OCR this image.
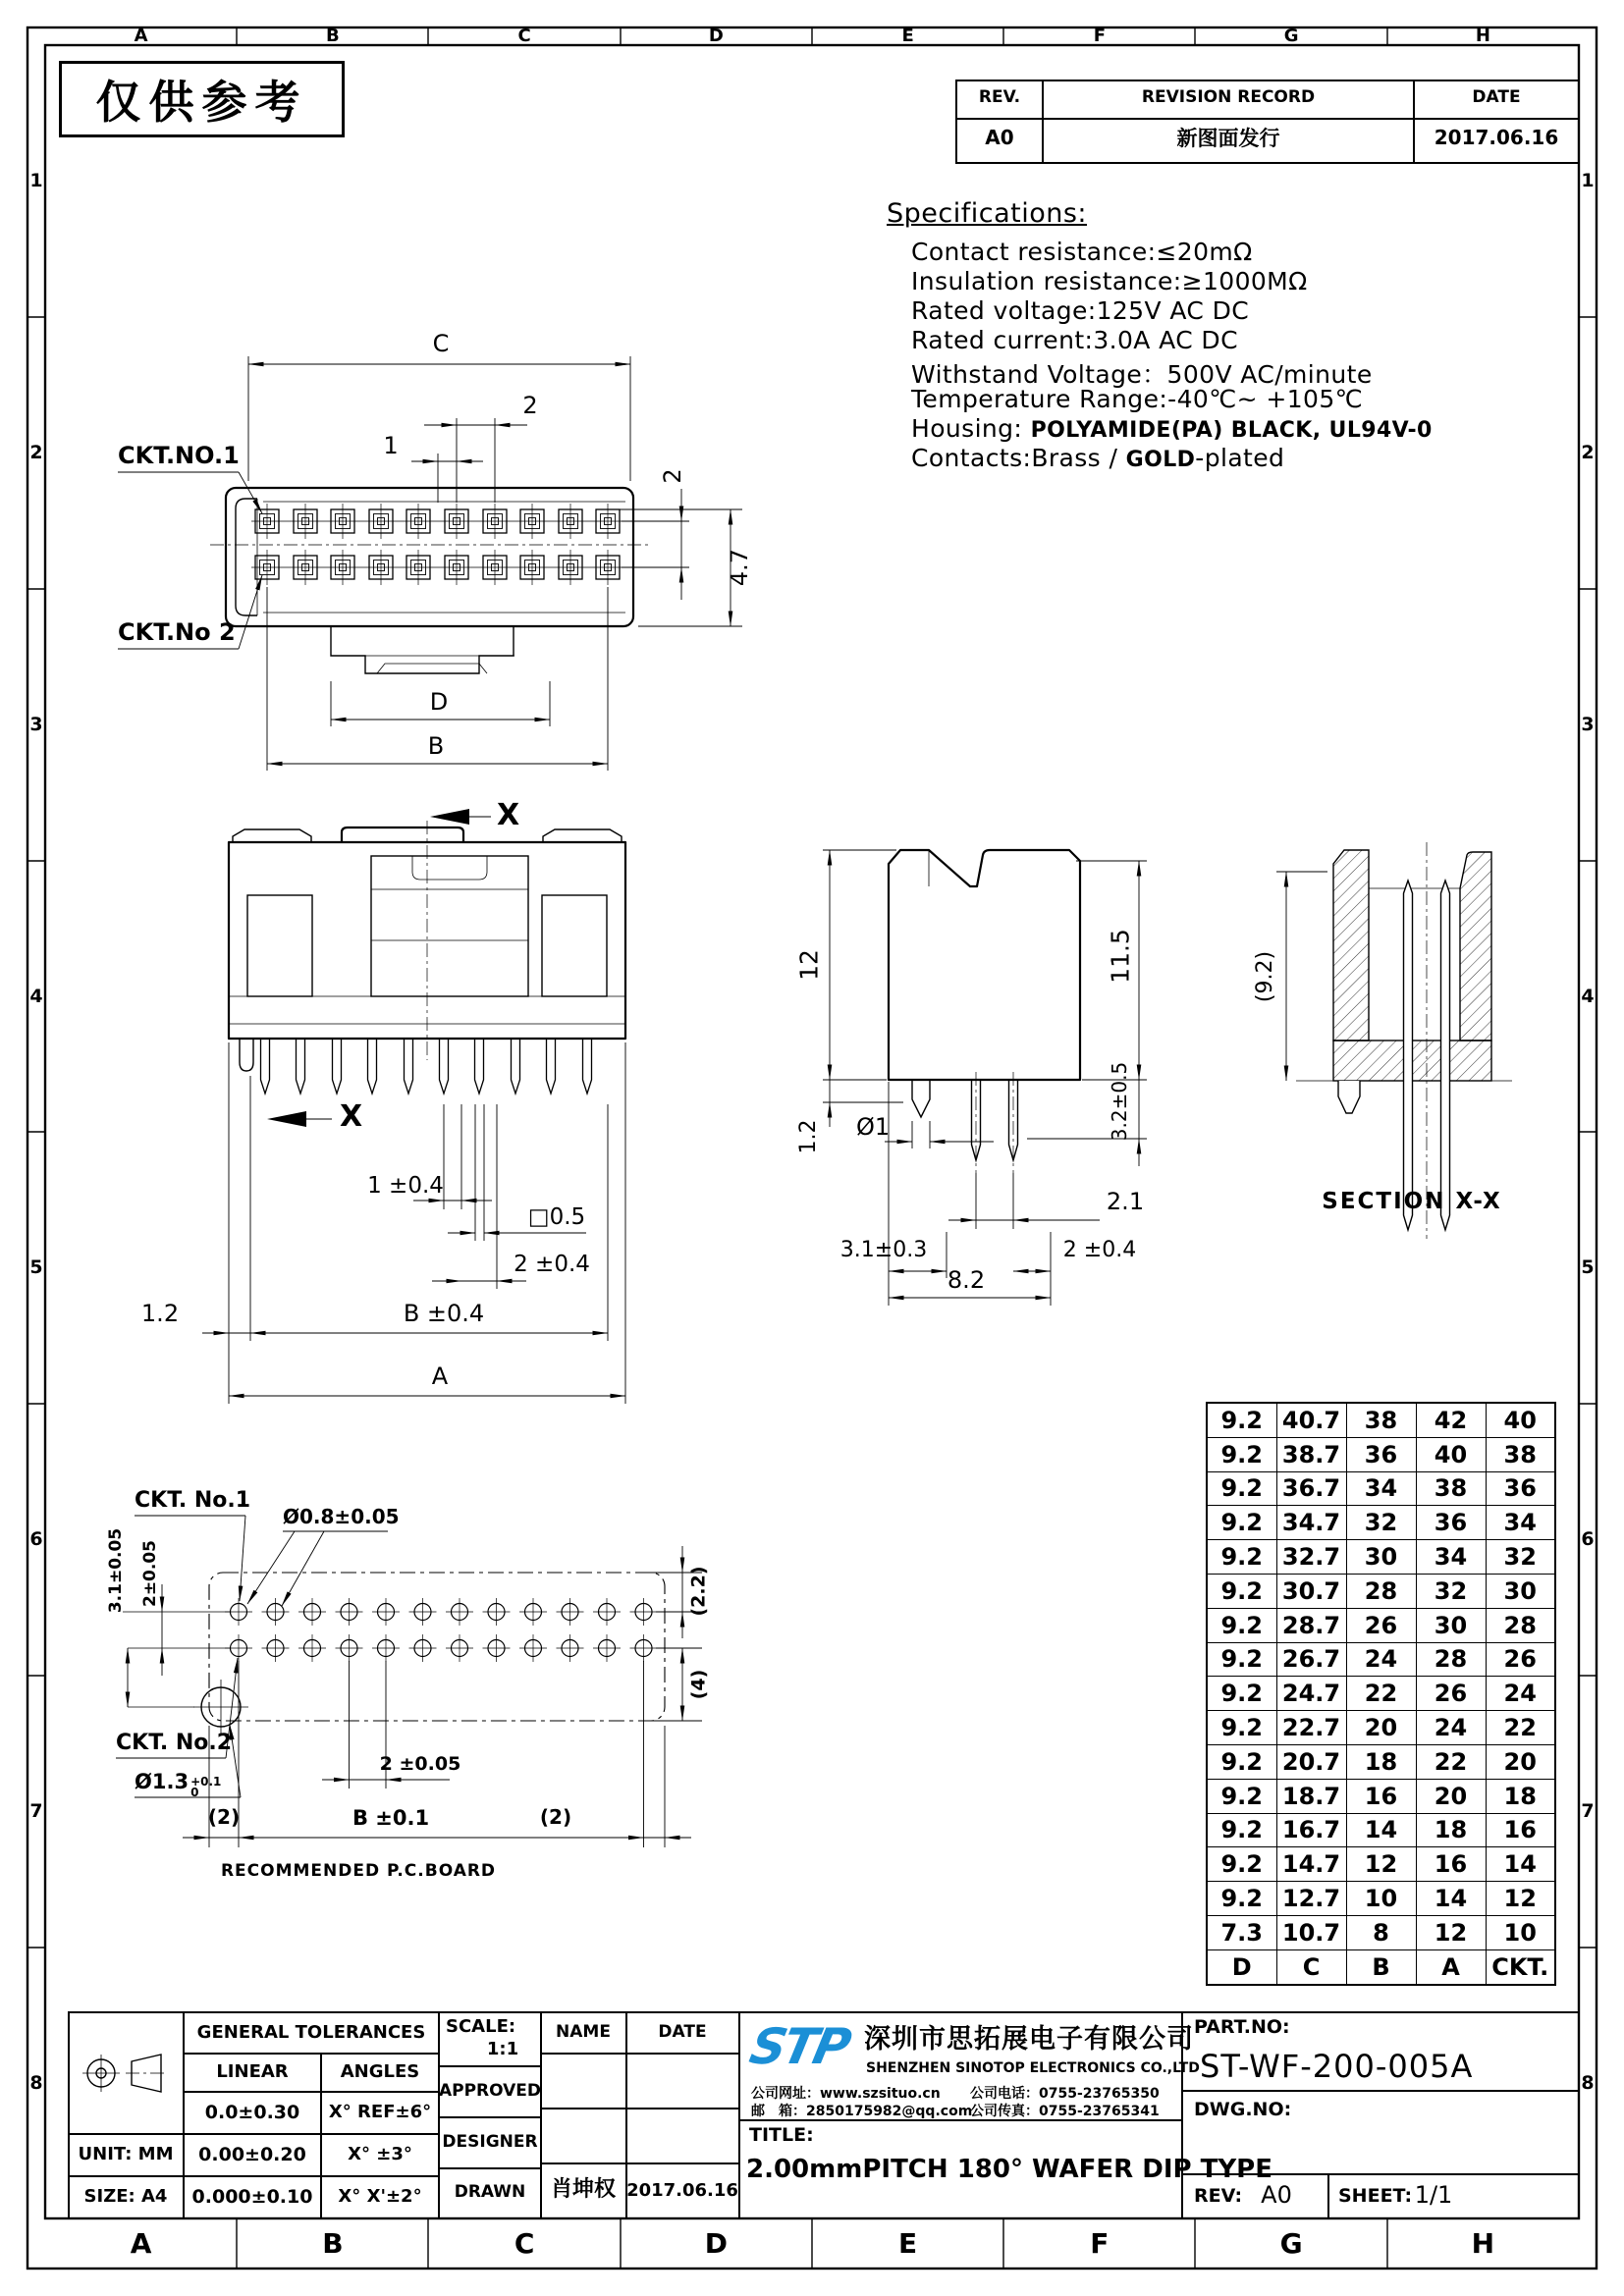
A	B	C	D	E	F	G	H
A	B	C	D	E	F	G	H
1
2
3
4
5
6
7
8
1
2
3
4
5
6
7
8
仅供参考	REV.	REVISION RECORD	DATE
A0	新图面发行	2017.06.16
Specifications:
Contact resistance:≤20mΩ
Insulation resistance:≥1000MΩ
Rated voltage:125V AC DC
Rated current:3.0A AC DC
Withstand Voltage：500V AC/minute
Temperature Range:-40℃~ +105℃
Housing: POLYAMIDE(PA) BLACK, UL94V-0
Contacts:Brass / GOLD-plated
C
1
2
CKT.NO.1
CKT.No 2
2
4.7
D
B
X
X
1 ±0.4
□0.5
2 ±0.4
1.2	B ±0.4
A
12	11.5
3.2±0.5
1.2 Ø1
2.1
3.1±0.3	2 ±0.4
8.2
(9.2)
SECTION X-X
CKT. No.1
Ø0.8±0.05
3.1±0.05 2±0.05
CKT. No.2
Ø1.3 +0.1
0
2 ±0.05
(2)	B ±0.1	(2)
(2.2)
(4)
RECOMMENDED P.C.BOARD
9.2	40.7	38	42	40
9.2	38.7	36	40	38
9.2	36.7	34	38	36
9.2	34.7	32	36	34
9.2	32.7	30	34	32
9.2	30.7	28	32	30
9.2	28.7	26	30	28
9.2	26.7	24	28	26
9.2	24.7	22	26	24
9.2	22.7	20	24	22
9.2	20.7	18	22	20
9.2	18.7	16	20	18
9.2	16.7	14	18	16
9.2	14.7	12	16	14
9.2	12.7	10	14	12
7.3	10.7	8	12	10
D	C	B	A	CKT.
GENERAL TOLERANCES
LINEAR	ANGLES
0.0±0.30 X° REF±6°
0.00±0.20 X° ±3°
0.000±0.10 X° X'±2°
UNIT: MM
SIZE: A4
SCALE:
1:1
APPROVED
DESIGNER
DRAWN
NAME	DATE
肖坤权 2017.06.16
STP 深圳市思拓展电子有限公司
SHENZHEN SINOTOP ELECTRONICS CO.,LTD
公司网址：www.szsituo.cn 公司电话：0755-23765350
邮　箱：2850175982@qq.com
公司传真：0755-23765341
TITLE:
2.00mmPITCH 180° WAFER DIP TYPE
PART.NO:
ST-WF-200-005A
DWG.NO:
REV: A0 SHEET: 1/1
